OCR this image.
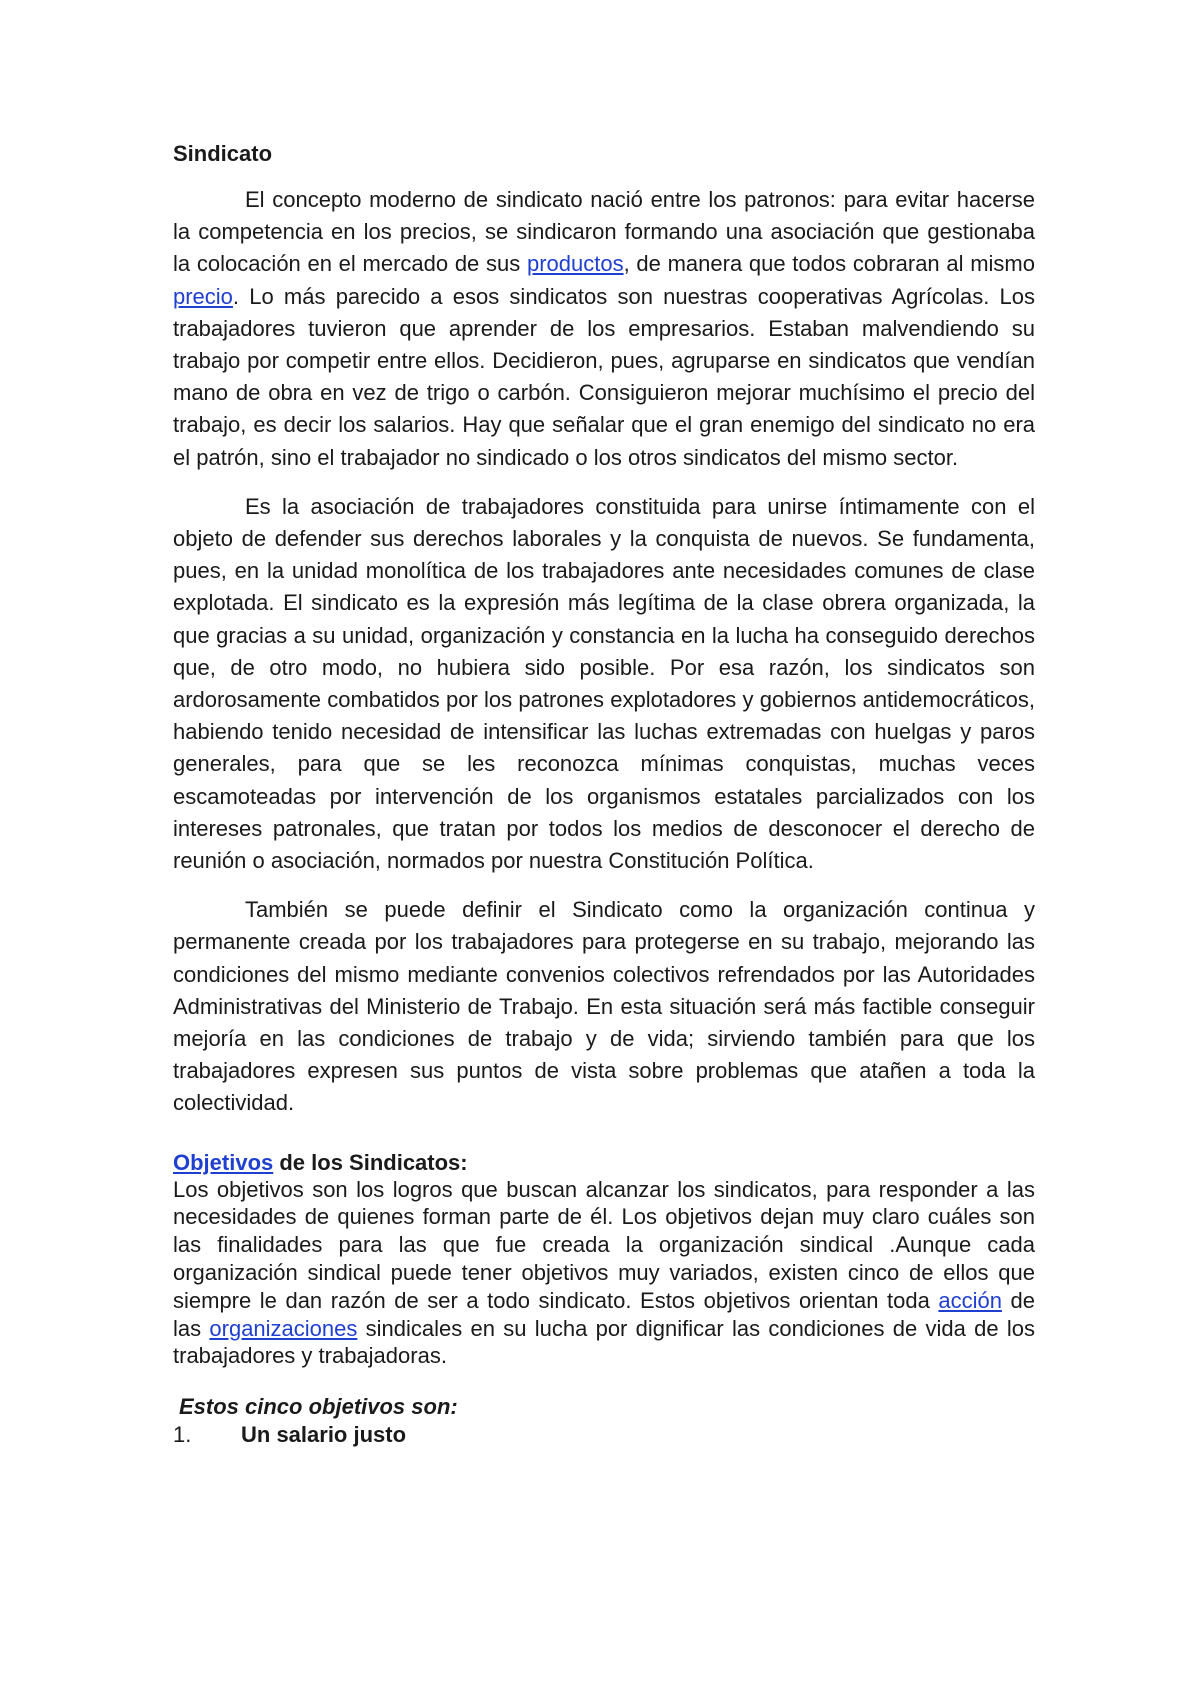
Sindicato

El concepto moderno de sindicato nació entre los patronos: para evitar hacerse la competencia en los precios, se sindicaron formando una asociación que gestionaba la colocación en el mercado de sus productos, de manera que todos cobraran al mismo precio. Lo más parecido a esos sindicatos son nuestras cooperativas Agrícolas. Los trabajadores tuvieron que aprender de los empresarios. Estaban malvendiendo su trabajo por competir entre ellos. Decidieron, pues, agruparse en sindicatos que vendían mano de obra en vez de trigo o carbón. Consiguieron mejorar muchísimo el precio del trabajo, es decir los salarios. Hay que señalar que el gran enemigo del sindicato no era el patrón, sino el trabajador no sindicado o los otros sindicatos del mismo sector.

Es la asociación de trabajadores constituida para unirse íntimamente con el objeto de defender sus derechos laborales y la conquista de nuevos. Se fundamenta, pues, en la unidad monolítica de los trabajadores ante necesidades comunes de clase explotada. El sindicato es la expresión más legítima de la clase obrera organizada, la que gracias a su unidad, organización y constancia en la lucha ha conseguido derechos que, de otro modo, no hubiera sido posible. Por esa razón, los sindicatos son ardorosamente combatidos por los patrones explotadores y gobiernos antidemocráticos, habiendo tenido necesidad de intensificar las luchas extremadas con huelgas y paros generales, para que se les reconozca mínimas conquistas, muchas veces escamoteadas por intervención de los organismos estatales parcializados con los intereses patronales, que tratan por todos los medios de desconocer el derecho de reunión o asociación, normados por nuestra Constitución Política.

También se puede definir el Sindicato como la organización continua y permanente creada por los trabajadores para protegerse en su trabajo, mejorando las condiciones del mismo mediante convenios colectivos refrendados por las Autoridades Administrativas del Ministerio de Trabajo. En esta situación será más factible conseguir mejoría en las condiciones de trabajo y de vida; sirviendo también para que los trabajadores expresen sus puntos de vista sobre problemas que atañen a toda la colectividad.

Objetivos de los Sindicatos:

Los objetivos son los logros que buscan alcanzar los sindicatos, para responder a las necesidades de quienes forman parte de él. Los objetivos dejan muy claro cuáles son las finalidades para las que fue creada la organización sindical .Aunque cada organización sindical puede tener objetivos muy variados, existen cinco de ellos que siempre le dan razón de ser a todo sindicato. Estos objetivos orientan toda acción de las organizaciones sindicales en su lucha por dignificar las condiciones de vida de los trabajadores y trabajadoras.

Estos cinco objetivos son:
1.	Un salario justo
